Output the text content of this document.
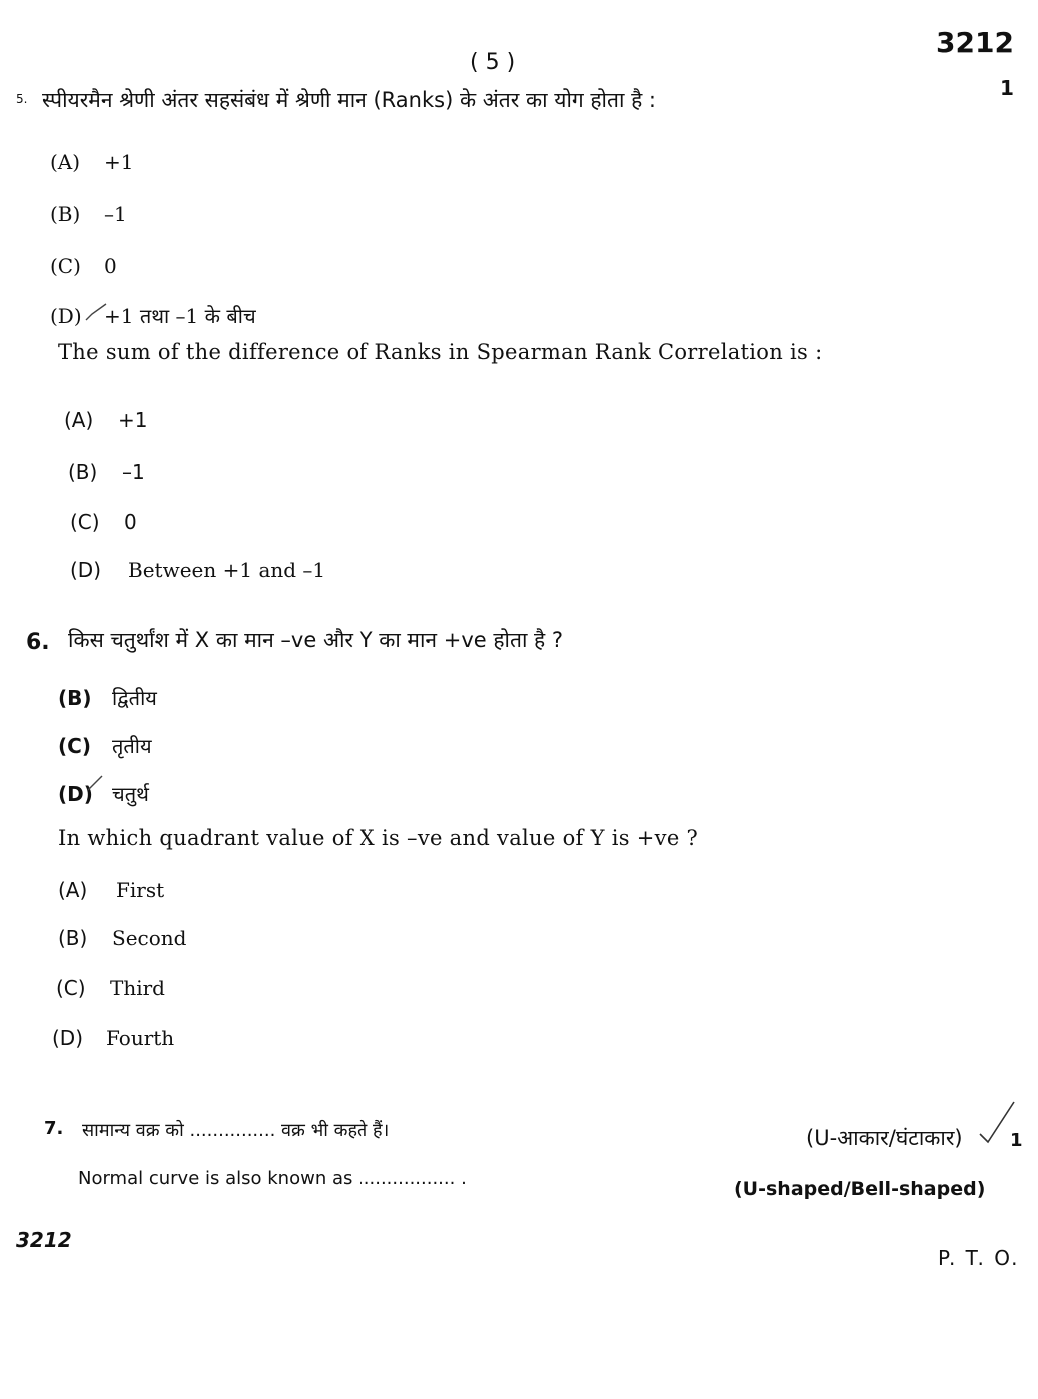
( 5 )
3212
1
5. स्पीयरमैन श्रेणी अंतर सहसंबंध में श्रेणी मान (Ranks) के अंतर का योग होता है :
(A) +1
(B) –1
(C) 0
(D) +1 तथा –1 के बीच
The sum of the difference of Ranks in Spearman Rank Correlation is :
(A) +1
(B) –1
(C) 0
(D) Between +1 and –1
6. किस चतुर्थांश में X का मान –ve और Y का मान +ve होता है ?
(B) द्वितीय
(C) तृतीय
(D) चतुर्थ
In which quadrant value of X is –ve and value of Y is +ve ?
(A) First
(B) Second
(C) Third
(D) Fourth
7. सामान्य वक्र को ............... वक्र भी कहते हैं।	(U-आकार/घंटाकार)	1
Normal curve is also known as ................. .	(U-shaped/Bell-shaped)
3212
P. T. O.
